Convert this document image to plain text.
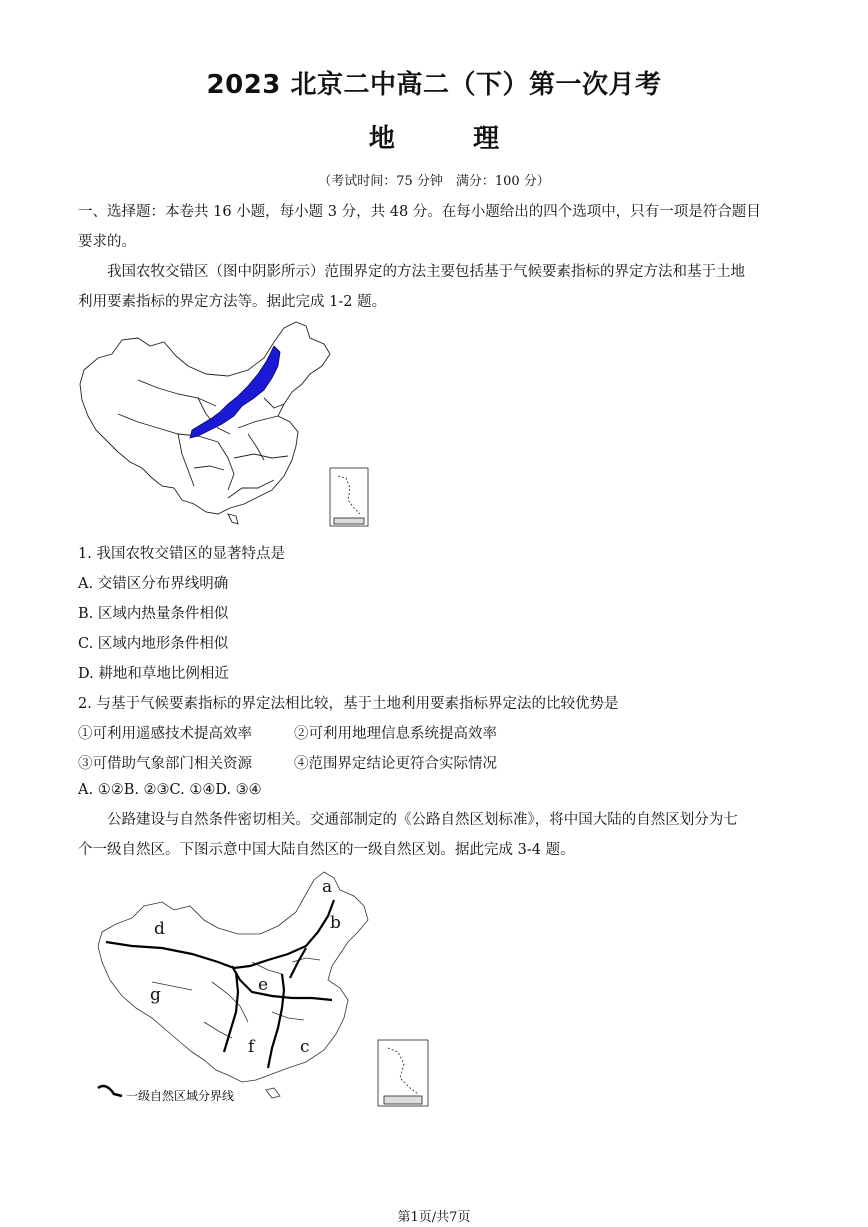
2023 北京二中高二（下）第一次月考
地	理
（考试时间：75 分钟　满分：100 分）
一、选择题：本卷共 16 小题，每小题 3 分，共 48 分。在每小题给出的四个选项中，只有一项是符合题目
要求的。
我国农牧交错区（图中阴影所示）范围界定的方法主要包括基于气候要素指标的界定方法和基于土地
利用要素指标的界定方法等。据此完成 1-2 题。
1. 我国农牧交错区的显著特点是
A. 交错区分布界线明确
B. 区域内热量条件相似
C. 区域内地形条件相似
D. 耕地和草地比例相近
2. 与基于气候要素指标的界定法相比较，基于土地利用要素指标界定法的比较优势是
①可利用遥感技术提高效率	②可利用地理信息系统提高效率
③可借助气象部门相关资源	④范围界定结论更符合实际情况
A. ①②B. ②③C. ①④D. ③④
公路建设与自然条件密切相关。交通部制定的《公路自然区划标准》，将中国大陆的自然区划分为七
个一级自然区。下图示意中国大陆自然区的一级自然区划。据此完成 3-4 题。
a
b
c
d
e
f
g
一级自然区域分界线
第1页/共7页
